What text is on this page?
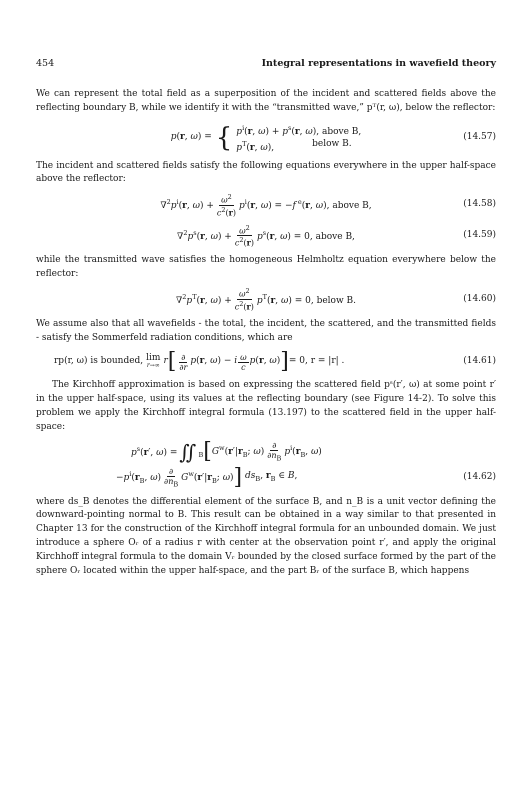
454	Integral representations in wavefield theory

We can represent the total field as a superposition of the incident and scattered fields above the reflecting boundary B, while we identify it with the “transmitted wave,” pᵀ(r, ω), below the reflector:

p(r, ω) = { $p^i(r$, $\omega) + p^s(r$, ω), above B,
$p^T(r$, ω),	below B.
(14.57)

The incident and scattered fields satisfy the following equations everywhere in the upper half-space above the reflector:

$\nabla^2p^i(r$, $\omega) + \frac{\omega^2}{c^2(r)} p^i(r$, ω) = −f $^e$(r, ω), above B,	(14.58)
$\nabla^2p^s(r$, $\omega) + \frac{\omega^2}{c^2(r)} p^s(r$, ω) = 0, above B,	(14.59)

while the transmitted wave satisfies the homogeneous Helmholtz equation everywhere below the reflector:

$\nabla^2p^T(r$, $\omega) + \frac{\omega^2}{c^2(r)} p^T(r$, ω) = 0, below B.	(14.60)

We assume also that all wavefields - the total, the incident, the scattered, and the transmitted fields - satisfy the Sommerfeld radiation conditions, which are

rp(r, ω) is bounded, lim
r→∞ r [ $\frac{\partial}{\partial r} p(r$, ω) − i $\frac{\omega}{c} p(r$, ω) ] = 0, r = |r| .	(14.61)

The Kirchhoff approximation is based on expressing the scattered field pˢ(r′, ω) at some point r′ in the upper half-space, using its values at the reflecting boundary (see Figure 14-2). To solve this problem we apply the Kirchhoff integral formula (13.197) to the scattered field in the upper half-space:

$p^s(r'$, ω) = ∬ $_B$ [ $G^w(r'|r_B$; $\omega) \frac{\partial}{\partial n_B} p^i(r_B$, ω)
$-p^i(r_B$, $\omega) \frac{\partial}{\partial n_B} G^w(r'|r_B$; ω) ] $ds_B$, $r_B$ ∈ B,	(14.62)

where ds_B denotes the differential element of the surface B, and n_B is a unit vector defining the downward-pointing normal to B. This result can be obtained in a way similar to that presented in Chapter 13 for the construction of the Kirchhoff integral formula for an unbounded domain. We just introduce a sphere Oᵣ of a radius r with center at the observation point r′, and apply the original Kirchhoff integral formula to the domain Vᵣ bounded by the closed surface formed by the part of the sphere Oᵣ located within the upper half-space, and the part Bᵣ of the surface B, which happens
